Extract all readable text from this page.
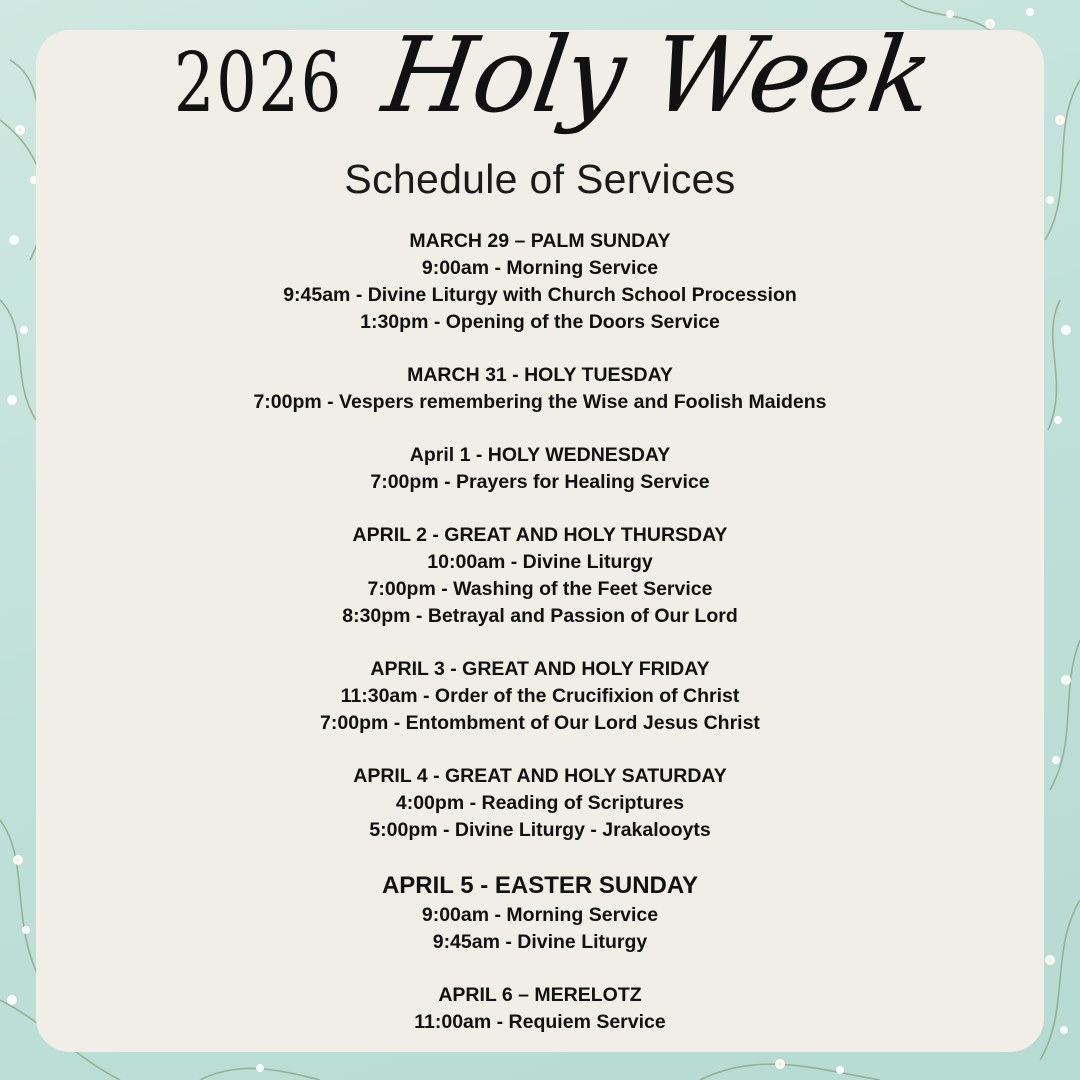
2026 Holy Week
Schedule of Services
MARCH 29 – PALM SUNDAY
9:00am - Morning Service
9:45am - Divine Liturgy with Church School Procession
1:30pm - Opening of the Doors Service
MARCH 31 - HOLY TUESDAY
7:00pm - Vespers remembering the Wise and Foolish Maidens
April 1 - HOLY WEDNESDAY
7:00pm - Prayers for Healing Service
APRIL 2 - GREAT AND HOLY THURSDAY
10:00am - Divine Liturgy
7:00pm - Washing of the Feet Service
8:30pm - Betrayal and Passion of Our Lord
APRIL 3 - GREAT AND HOLY FRIDAY
11:30am - Order of the Crucifixion of Christ
7:00pm - Entombment of Our Lord Jesus Christ
APRIL 4 - GREAT AND HOLY SATURDAY
4:00pm - Reading of Scriptures
5:00pm - Divine Liturgy - Jrakalooyts
APRIL 5 - EASTER SUNDAY
9:00am - Morning Service
9:45am - Divine Liturgy
APRIL 6 – MERELOTZ
11:00am - Requiem Service
